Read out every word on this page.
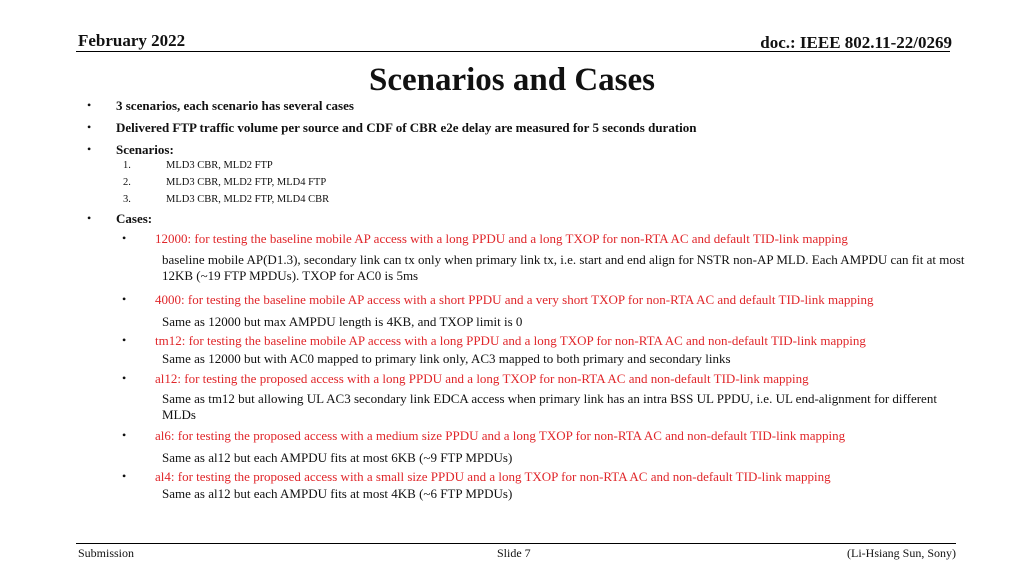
February 2022	doc.: IEEE 802.11-22/0269
Scenarios and Cases
• 3 scenarios, each scenario has several cases
• Delivered FTP traffic volume per source and CDF of CBR e2e delay are measured for 5 seconds duration
• Scenarios:
1.	MLD3 CBR, MLD2 FTP
2.	MLD3 CBR, MLD2 FTP, MLD4 FTP
3.	MLD3 CBR, MLD2 FTP, MLD4 CBR
• Cases:
• 12000: for testing the baseline mobile AP access with a long PPDU and a long TXOP for non-RTA AC and default TID-link mapping
baseline mobile AP(D1.3), secondary link can tx only when primary link tx, i.e. start and end align for NSTR non-AP MLD. Each AMPDU can fit at most 12KB (~19 FTP MPDUs). TXOP for AC0 is 5ms
• 4000: for testing the baseline mobile AP access with a short PPDU and a very short TXOP for non-RTA AC and default TID-link mapping
Same as 12000 but max AMPDU length is 4KB, and TXOP limit is 0
• tm12: for testing the baseline mobile AP access with a long PPDU and a long TXOP for non-RTA AC and non-default TID-link mapping
Same as 12000 but with AC0 mapped to primary link only, AC3 mapped to both primary and secondary links
• al12: for testing the proposed access with a long PPDU and a long TXOP for non-RTA AC and non-default TID-link mapping
Same as tm12 but allowing UL AC3 secondary link EDCA access when primary link has an intra BSS UL PPDU, i.e. UL end-alignment for different MLDs
• al6: for testing the proposed access with a medium size PPDU and a long TXOP for non-RTA AC and non-default TID-link mapping
Same as al12 but each AMPDU fits at most 6KB (~9 FTP MPDUs)
• al4: for testing the proposed access with a small size PPDU and a long TXOP for non-RTA AC and non-default TID-link mapping
Same as al12 but each AMPDU fits at most 4KB (~6 FTP MPDUs)
Submission	Slide 7	(Li-Hsiang Sun, Sony)
